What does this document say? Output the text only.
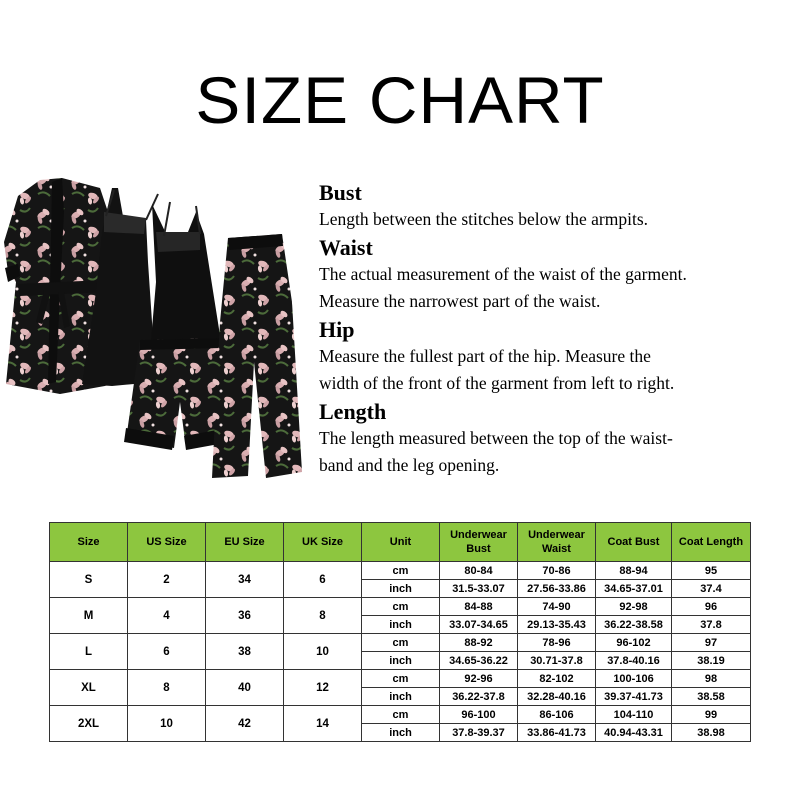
SIZE CHART
Bust
Length between the stitches below the armpits.
Waist
The actual measurement of the waist of the garment.
Measure the narrowest part of the waist.
Hip
Measure the fullest part of the hip. Measure the
width of the front of the garment from left to right.
Length
The length measured between the top of the waist-
band and the leg opening.
Size	US Size	EU Size	UK Size	Unit	Underwear Bust	Underwear Waist	Coat Bust	Coat Length
S	2	34	6	cm	80-84	70-86	88-94	95
				inch	31.5-33.07	27.56-33.86	34.65-37.01	37.4
M	4	36	8	cm	84-88	74-90	92-98	96
				inch	33.07-34.65	29.13-35.43	36.22-38.58	37.8
L	6	38	10	cm	88-92	78-96	96-102	97
				inch	34.65-36.22	30.71-37.8	37.8-40.16	38.19
XL	8	40	12	cm	92-96	82-102	100-106	98
				inch	36.22-37.8	32.28-40.16	39.37-41.73	38.58
2XL	10	42	14	cm	96-100	86-106	104-110	99
				inch	37.8-39.37	33.86-41.73	40.94-43.31	38.98
